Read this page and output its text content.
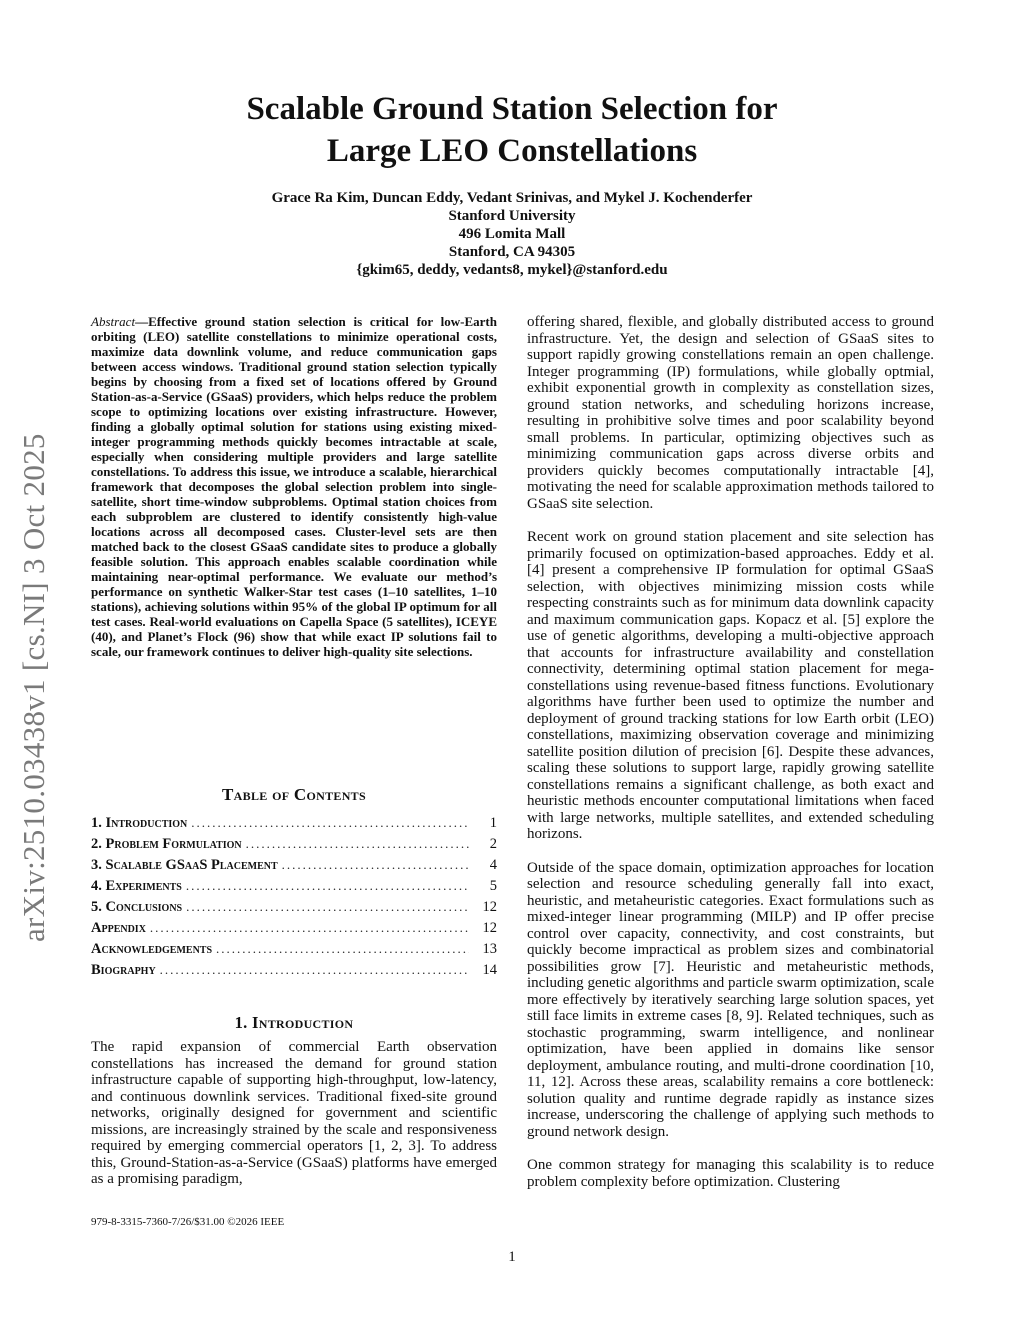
arXiv:2510.03438v1 [cs.NI] 3 Oct 2025
Scalable Ground Station Selection for
Large LEO Constellations
Grace Ra Kim, Duncan Eddy, Vedant Srinivas, and Mykel J. Kochenderfer
Stanford University
496 Lomita Mall
Stanford, CA 94305
{gkim65, deddy, vedants8, mykel}@stanford.edu

Abstract—Effective ground station selection is critical for low-Earth orbiting (LEO) satellite constellations to minimize operational costs, maximize data downlink volume, and reduce communication gaps between access windows. Traditional ground station selection typically begins by choosing from a fixed set of locations offered by Ground Station-as-a-Service (GSaaS) providers, which helps reduce the problem scope to optimizing locations over existing infrastructure. However, finding a globally optimal solution for stations using existing mixed-integer programming methods quickly becomes intractable at scale, especially when considering multiple providers and large satellite constellations. To address this issue, we introduce a scalable, hierarchical framework that decomposes the global selection problem into single-satellite, short time-window subproblems. Optimal station choices from each subproblem are clustered to identify consistently high-value locations across all decomposed cases. Cluster-level sets are then matched back to the closest GSaaS candidate sites to produce a globally feasible solution. This approach enables scalable coordination while maintaining near-optimal performance. We evaluate our method’s performance on synthetic Walker-Star test cases (1–10 satellites, 1–10 stations), achieving solutions within 95% of the global IP optimum for all test cases. Real-world evaluations on Capella Space (5 satellites), ICEYE (40), and Planet’s Flock (96) show that while exact IP solutions fail to scale, our framework continues to deliver high-quality site selections.

Table of Contents
1. Introduction .....	1
2. Problem Formulation .....	2
3. Scalable GSaaS Placement .....	4
4. Experiments .....	5
5. Conclusions .....	12
Appendix .....	12
Acknowledgements .....	13
Biography .....	14
1. Introduction

The rapid expansion of commercial Earth observation constellations has increased the demand for ground station infrastructure capable of supporting high-throughput, low-latency, and continuous downlink services. Traditional fixed-site ground networks, originally designed for government and scientific missions, are increasingly strained by the scale and responsiveness required by emerging commercial operators [1, 2, 3]. To address this, Ground-Station-as-a-Service (GSaaS) platforms have emerged as a promising paradigm,

979-8-3315-7360-7/26/$31.00 ©2026 IEEE

offering shared, flexible, and globally distributed access to ground infrastructure. Yet, the design and selection of GSaaS sites to support rapidly growing constellations remain an open challenge. Integer programming (IP) formulations, while globally optmial, exhibit exponential growth in complexity as constellation sizes, ground station networks, and scheduling horizons increase, resulting in prohibitive solve times and poor scalability beyond small problems. In particular, optimizing objectives such as minimizing communication gaps across diverse orbits and providers quickly becomes computationally intractable [4], motivating the need for scalable approximation methods tailored to GSaaS site selection.

Recent work on ground station placement and site selection has primarily focused on optimization-based approaches. Eddy et al. [4] present a comprehensive IP formulation for optimal GSaaS selection, with objectives minimizing mission costs while respecting constraints such as for minimum data downlink capacity and maximum communication gaps. Kopacz et al. [5] explore the use of genetic algorithms, developing a multi-objective approach that accounts for infrastructure availability and constellation connectivity, determining optimal station placement for mega-constellations using revenue-based fitness functions. Evolutionary algorithms have further been used to optimize the number and deployment of ground tracking stations for low Earth orbit (LEO) constellations, maximizing observation coverage and minimizing satellite position dilution of precision [6]. Despite these advances, scaling these solutions to support large, rapidly growing satellite constellations remains a significant challenge, as both exact and heuristic methods encounter computational limitations when faced with large networks, multiple satellites, and extended scheduling horizons.

Outside of the space domain, optimization approaches for location selection and resource scheduling generally fall into exact, heuristic, and metaheuristic categories. Exact formulations such as mixed-integer linear programming (MILP) and IP offer precise control over capacity, connectivity, and cost constraints, but quickly become impractical as problem sizes and combinatorial possibilities grow [7]. Heuristic and metaheuristic methods, including genetic algorithms and particle swarm optimization, scale more effectively by iteratively searching large solution spaces, yet still face limits in extreme cases [8, 9]. Related techniques, such as stochastic programming, swarm intelligence, and nonlinear optimization, have been applied in domains like sensor deployment, ambulance routing, and multi-drone coordination [10, 11, 12]. Across these areas, scalability remains a core bottleneck: solution quality and runtime degrade rapidly as instance sizes increase, underscoring the challenge of applying such methods to ground network design.

One common strategy for managing this scalability is to reduce problem complexity before optimization. Clustering

1
